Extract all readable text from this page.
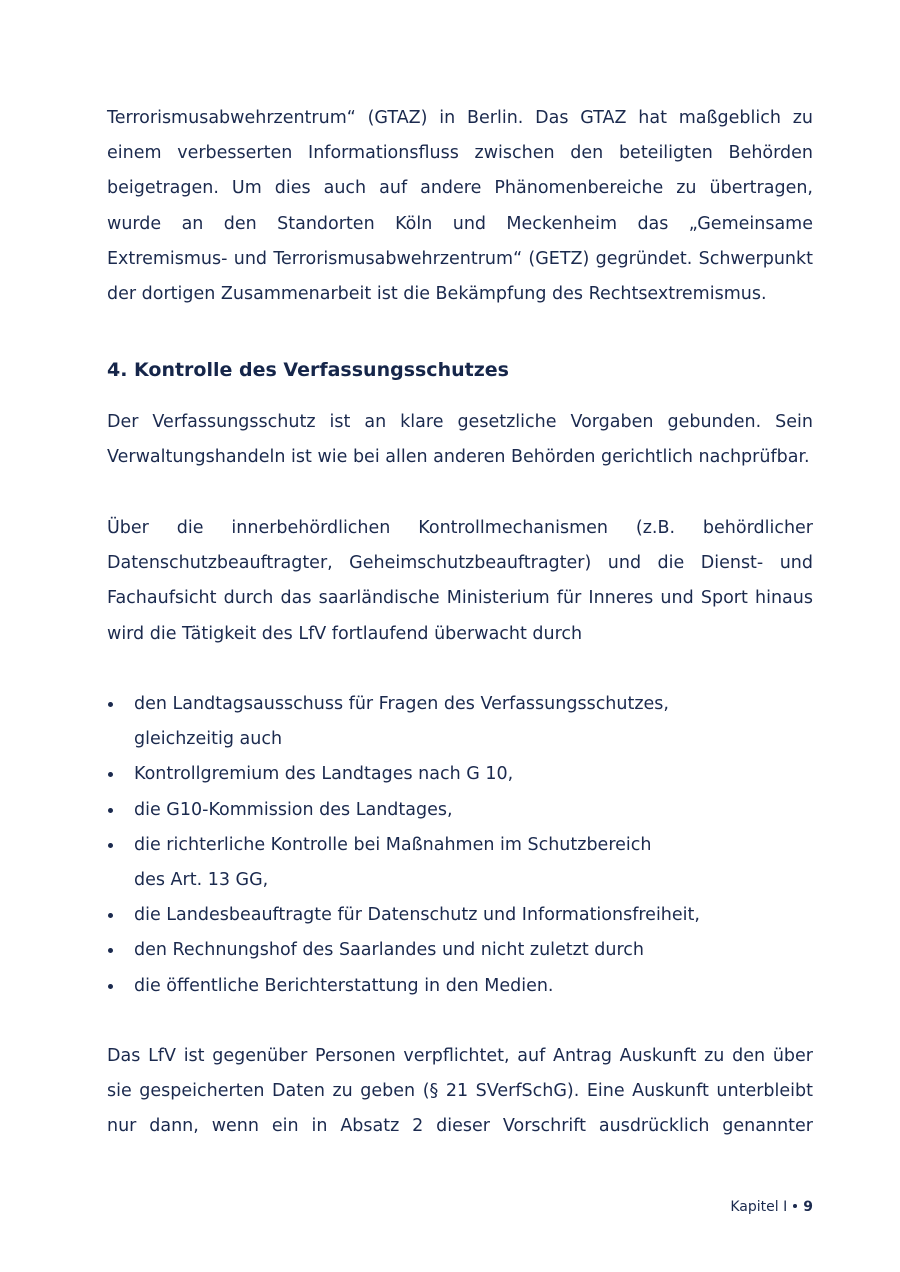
Terrorismusabwehrzentrum“ (GTAZ) in Berlin. Das GTAZ hat maßgeblich zu einem verbesserten Informationsfluss zwischen den beteiligten Behörden beigetragen. Um dies auch auf andere Phänomenbereiche zu übertragen, wurde an den Standorten Köln und Meckenheim das „Gemeinsame Extremismus- und Terrorismusabwehrzentrum“ (GETZ) gegründet. Schwerpunkt der dortigen Zusammenarbeit ist die Bekämpfung des Rechtsextremismus.

4. Kontrolle des Verfassungsschutzes

Der Verfassungsschutz ist an klare gesetzliche Vorgaben gebunden. Sein Verwaltungshandeln ist wie bei allen anderen Behörden gerichtlich nachprüfbar.

Über die innerbehördlichen Kontrollmechanismen (z.B. behördlicher Datenschutzbeauftragter, Geheimschutzbeauftragter) und die Dienst- und Fachaufsicht durch das saarländische Ministerium für Inneres und Sport hinaus wird die Tätigkeit des LfV fortlaufend überwacht durch

den Landtagsausschuss für Fragen des Verfassungsschutzes,
gleichzeitig auch
Kontrollgremium des Landtages nach G 10,
die G10-Kommission des Landtages,
die richterliche Kontrolle bei Maßnahmen im Schutzbereich
des Art. 13 GG,
die Landesbeauftragte für Datenschutz und Informationsfreiheit,
den Rechnungshof des Saarlandes und nicht zuletzt durch
die öffentliche Berichterstattung in den Medien.

Das LfV ist gegenüber Personen verpflichtet, auf Antrag Auskunft zu den über sie gespeicherten Daten zu geben (§ 21 SVerfSchG). Eine Auskunft unterbleibt nur dann, wenn ein in Absatz 2 dieser Vorschrift ausdrücklich genannter

Kapitel I 9
